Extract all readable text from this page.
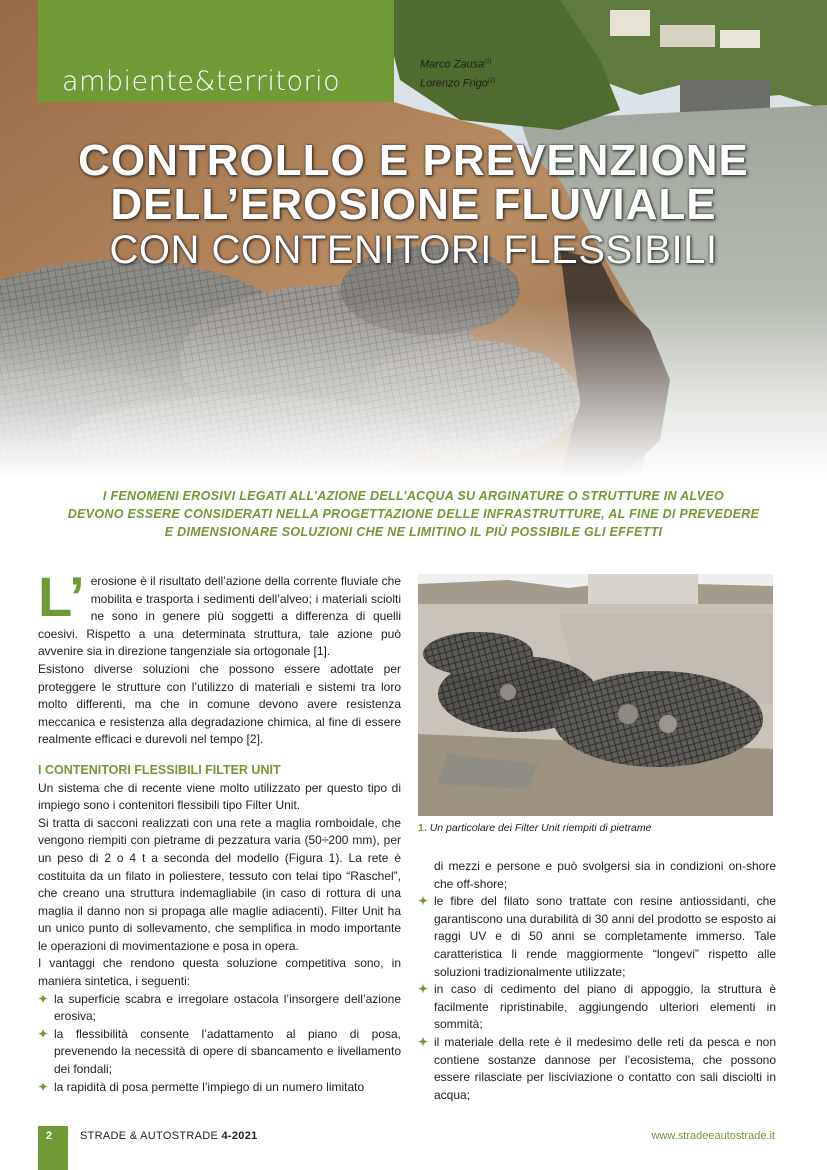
ambiente&territorio
Marco Zausa$^{(1)}$
Lorenzo Frigo$^{(2)}$
CONTROLLO E PREVENZIONE
DELL’EROSIONE FLUVIALE
CON CONTENITORI FLESSIBILI
I FENOMENI EROSIVI LEGATI ALL’AZIONE DELL’ACQUA SU ARGINATURE O STRUTTURE IN ALVEO
DEVONO ESSERE CONSIDERATI NELLA PROGETTAZIONE DELLE INFRASTRUTTURE, AL FINE DI PREVEDERE
E DIMENSIONARE SOLUZIONI CHE NE LIMITINO IL PIÙ POSSIBILE GLI EFFETTI

L’ erosione è il risultato dell’azione della corrente fluviale che mobilita e trasporta i sedimenti dell’alveo; i materiali sciolti ne sono in genere più soggetti a differenza di quelli coesivi. Rispetto a una determinata struttura, tale azione può avvenire sia in direzione tangenziale sia ortogonale [1].

Esistono diverse soluzioni che possono essere adottate per proteggere le strutture con l’utilizzo di materiali e sistemi tra loro molto differenti, ma che in comune devono avere resistenza meccanica e resistenza alla degradazione chimica, al fine di essere realmente efficaci e durevoli nel tempo [2].

I CONTENITORI FLESSIBILI FILTER UNIT

Un sistema che di recente viene molto utilizzato per questo tipo di impiego sono i contenitori flessibili tipo Filter Unit.

Si tratta di sacconi realizzati con una rete a maglia romboidale, che vengono riempiti con pietrame di pezzatura varia (50÷200 mm), per un peso di 2 o 4 t a seconda del modello (Figura 1). La rete è costituita da un filato in poliestere, tessuto con telai tipo “Raschel”, che creano una struttura indemagliabile (in caso di rottura di una maglia il danno non si propaga alle maglie adiacenti). Filter Unit ha un unico punto di sollevamento, che semplifica in modo importante le operazioni di movimentazione e posa in opera.

I vantaggi che rendono questa soluzione competitiva sono, in maniera sintetica, i seguenti:

✦ la superficie scabra e irregolare ostacola l’insorgere dell’azione erosiva;
✦ la flessibilità consente l’adattamento al piano di posa, prevenendo la necessità di opere di sbancamento e livellamento dei fondali;
✦ la rapidità di posa permette l’impiego di un numero limitato
1. Un particolare dei Filter Unit riempiti di pietrame

di mezzi e persone e può svolgersi sia in condizioni on-shore che off-shore;

✦ le fibre del filato sono trattate con resine antiossidanti, che garantiscono una durabilità di 30 anni del prodotto se esposto ai raggi UV e di 50 anni se completamente immerso. Tale caratteristica li rende maggiormente “longevi” rispetto alle soluzioni tradizionalmente utilizzate;
✦ in caso di cedimento del piano di appoggio, la struttura è facilmente ripristinabile, aggiungendo ulteriori elementi in sommità;
✦ il materiale della rete è il medesimo delle reti da pesca e non contiene sostanze dannose per l’ecosistema, che possono essere rilasciate per lisciviazione o contatto con sali disciolti in acqua;
2	STRADE & AUTOSTRADE 4-2021	www.stradeeautostrade.it
